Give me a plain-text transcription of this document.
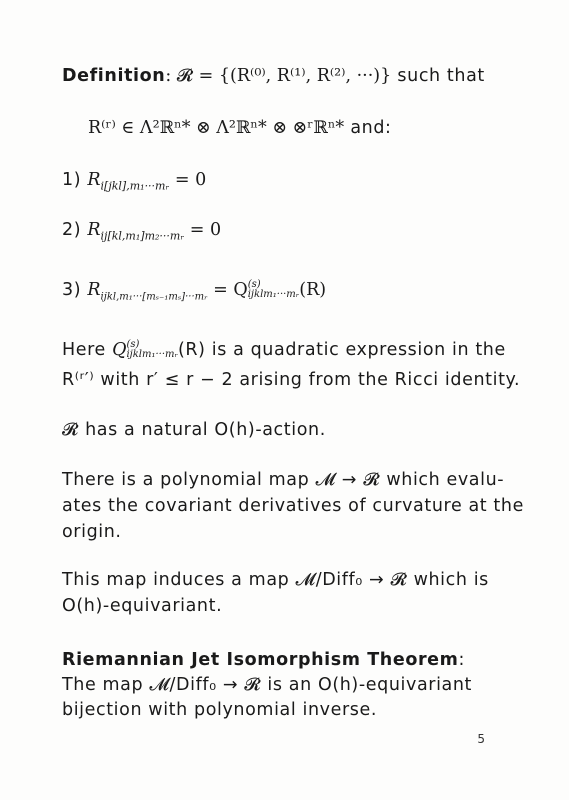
Definition: 𝓡 = {(R⁽⁰⁾, R⁽¹⁾, R⁽²⁾, ···)} such that
R⁽ʳ⁾ ∈ Λ²ℝⁿ* ⊗ Λ²ℝⁿ* ⊗ ⊗ʳℝⁿ* and:
1) $R_{i[jkl],m_1\cdot\cdot\cdot mᵣ} = 0$
2) $R_{ij[kl,m_1]m_2\cdot\cdot\cdot mᵣ} = 0$
3) $R_{ijkl,m_1\cdot\cdot\cdot[m_{s-1}m_s]\cdot\cdot\cdot mᵣ} = Q$ (s)
ijklm₁···mᵣ (R)
Here Q (s)
ijklm₁···mᵣ (R) is a quadratic expression in the
R⁽ʳ′⁾ with r′ ≤ r − 2 arising from the Ricci identity.
𝓡 has a natural O(h)-action.
There is a polynomial map 𝓜 → 𝓡 which evalu-
ates the covariant derivatives of curvature at the
origin.
This map induces a map 𝓜/Diff₀ → 𝓡 which is
O(h)-equivariant.
Riemannian Jet Isomorphism Theorem:
The map 𝓜/Diff₀ → 𝓡 is an O(h)-equivariant
bijection with polynomial inverse.
5
